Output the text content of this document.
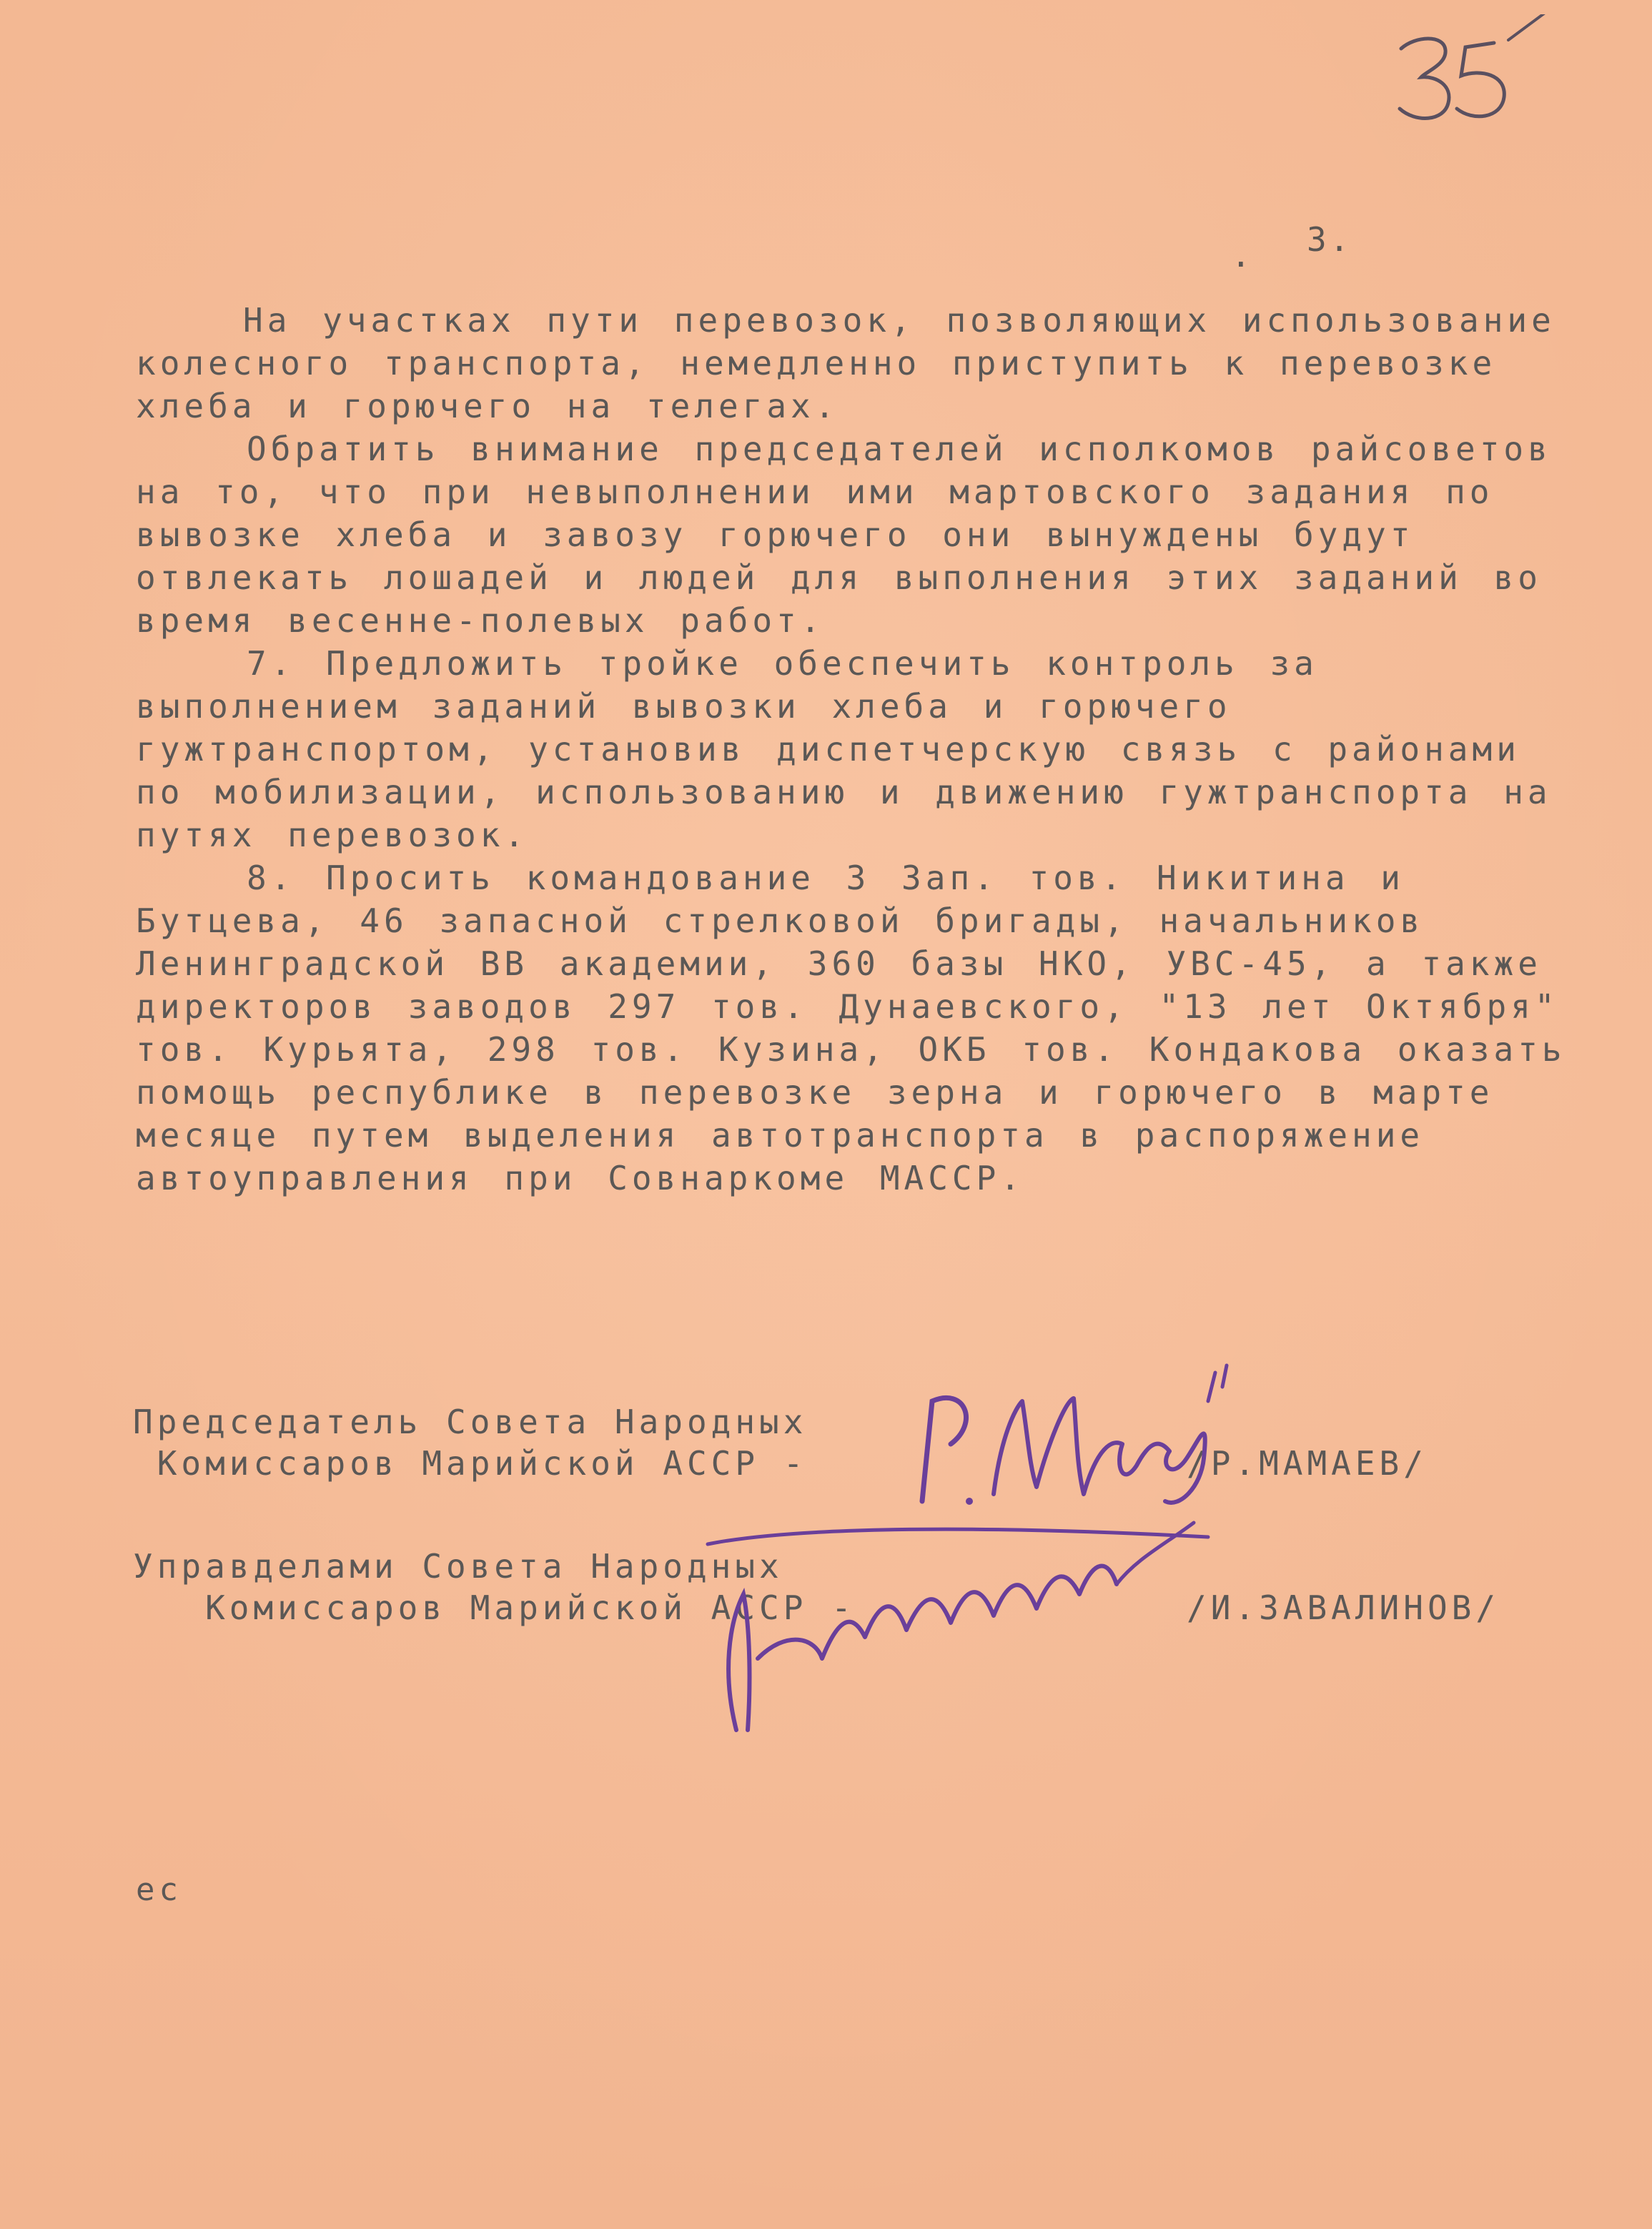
. 3.

На участках пути перевозок, позволяющих использование колесного транспорта, немедленно приступить к перевозке хлеба и горючего на телегах.

Обратить внимание председателей исполкомов райсоветов на то, что при невыполнении ими мартовского задания по вывозке хлеба и завозу горючего они вынуждены будут отвлекать лошадей и людей для выполнения этих заданий во время весенне-полевых работ.

7. Предложить тройке обеспечить контроль за выполнением заданий вывозки хлеба и горючего гужтранспортом, установив диспетчерскую связь с районами по мобилизации, использованию и движению гужтранспорта на путях перевозок.

8. Просить командование 3 Зап. тов. Никитина и Бутцева, 46 запасной стрелковой бригады, начальников Ленинградской ВВ академии, 360 базы НКО, УВС-45, а также директоров заводов 297 тов. Дунаевского, "13 лет Октября" тов. Курьята, 298 тов. Кузина, ОКБ тов. Кондакова оказать помощь республике в перевозке зерна и горючего в марте месяце путем выделения автотранспорта в распоряжение автоуправления при Совнаркоме МАССР.

Председатель Совета Народных
Комиссаров Марийской АССР -	/Р.МАМАЕВ/
Управделами Совета Народных
Комиссаров Марийской АССР -	/И.ЗАВАЛИНОВ/
ес
